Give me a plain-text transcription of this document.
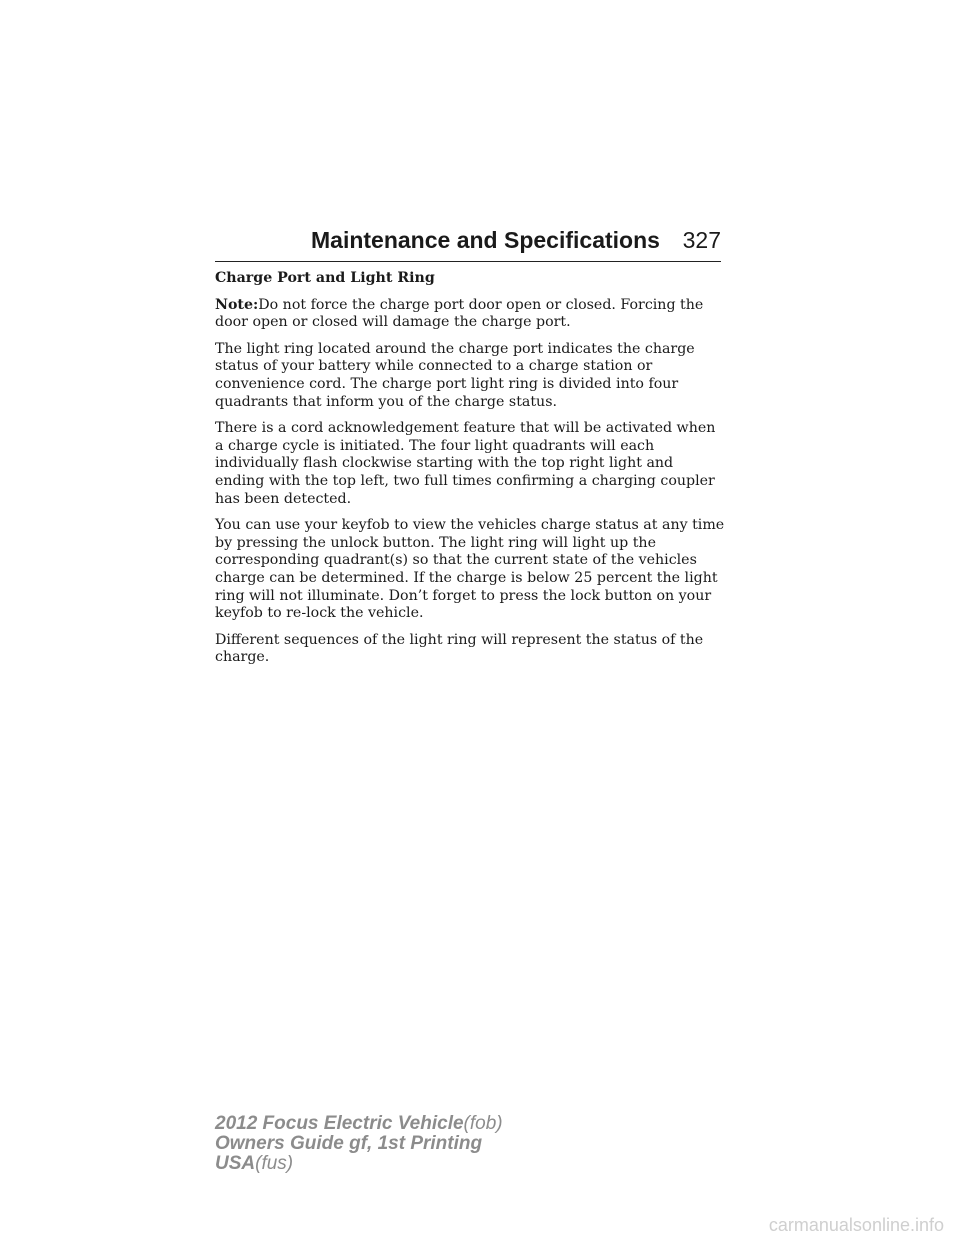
Maintenance and Specifications 327

Charge Port and Light Ring

Note:Do not force the charge port door open or closed. Forcing the door open or closed will damage the charge port.

The light ring located around the charge port indicates the charge status of your battery while connected to a charge station or convenience cord. The charge port light ring is divided into four quadrants that inform you of the charge status.

There is a cord acknowledgement feature that will be activated when a charge cycle is initiated. The four light quadrants will each individually flash clockwise starting with the top right light and ending with the top left, two full times confirming a charging coupler has been detected.

You can use your keyfob to view the vehicles charge status at any time by pressing the unlock button. The light ring will light up the corresponding quadrant(s) so that the current state of the vehicles charge can be determined. If the charge is below 25 percent the light ring will not illuminate. Don’t forget to press the lock button on your keyfob to re-lock the vehicle.

Different sequences of the light ring will represent the status of the charge.

2012 Focus Electric Vehicle(fob)
Owners Guide gf, 1st Printing
USA(fus)
carmanualsonline.info
